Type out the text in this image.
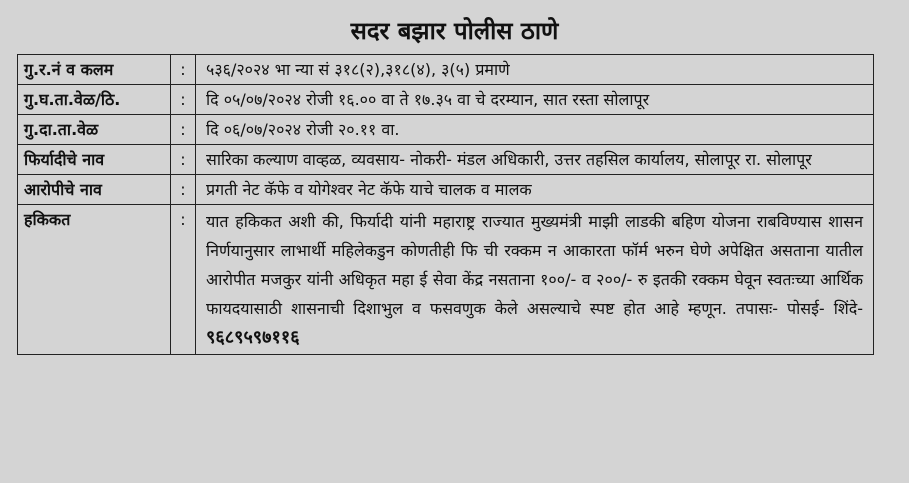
सदर बझार पोलीस ठाणे
गु.र.नं व कलम	:	५३६/२०२४ भा न्या सं ३१८(२),३१८(४), ३(५) प्रमाणे
गु.घ.ता.वेळ/ठि.	:	दि ०५/०७/२०२४ रोजी १६.०० वा ते १७.३५ वा चे दरम्यान, सात रस्ता सोलापूर
गु.दा.ता.वेळ	:	दि ०६/०७/२०२४ रोजी २०.११ वा.
फिर्यादीचे नाव	:	सारिका कल्याण वाव्हळ, व्यवसाय- नोकरी- मंडल अधिकारी, उत्तर तहसिल कार्यालय, सोलापूर रा. सोलापूर
आरोपीचे नाव	:	प्रगती नेट कॅफे व योगेश्वर नेट कॅफे याचे चालक व मालक
हकिकत	:	यात हकिकत अशी की, फिर्यादी यांनी महाराष्ट्र राज्यात मुख्यमंत्री माझी लाडकी बहिण योजना राबविण्यास शासन निर्णयानुसार लाभार्थी महिलेकडुन कोणतीही फि ची रक्कम न आकारता फॉर्म भरुन घेणे अपेक्षित असताना यातील आरोपीत मजकुर यांनी अधिकृत महा ई सेवा केंद्र नसताना १००/- व २००/- रु इतकी रक्कम घेवून स्वतःच्या आर्थिक फायदयासाठी शासनाची दिशाभुल व फसवणुक केले असल्याचे स्पष्ट होत आहे म्हणून. तपासः- पोसई- शिंदे- ९६८९५९७११६
